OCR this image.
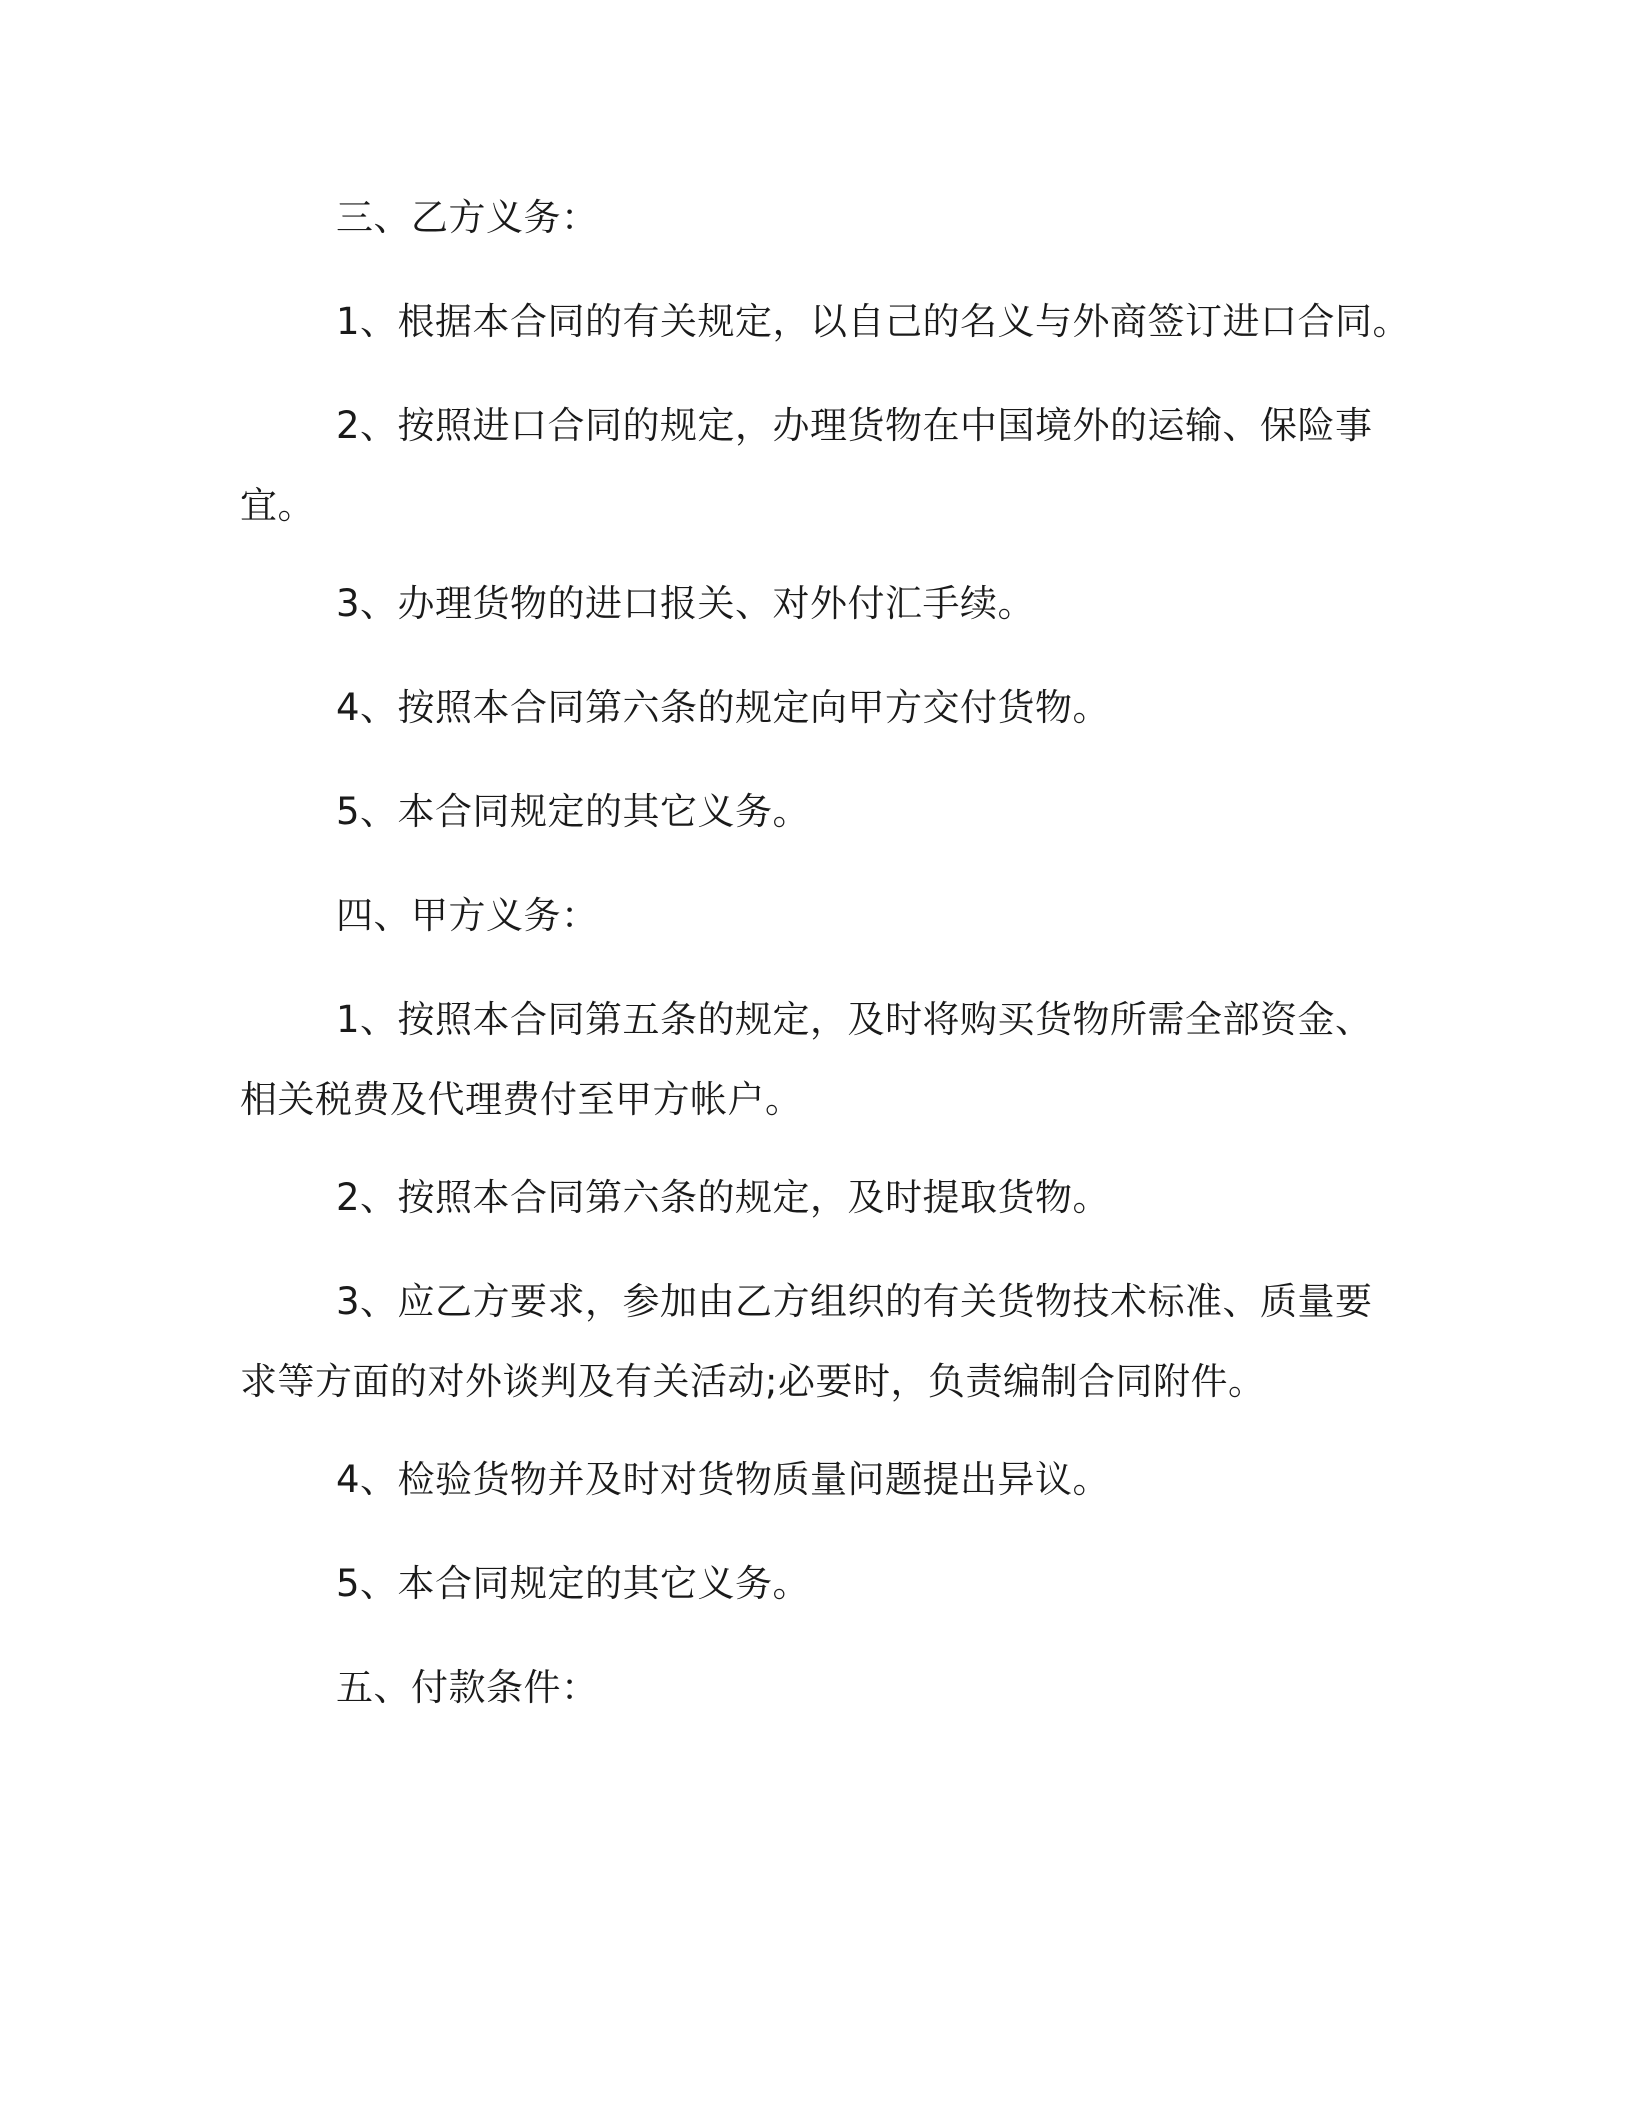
三、乙方义务：

1、根据本合同的有关规定，以自己的名义与外商签订进口合同。

2、按照进口合同的规定，办理货物在中国境外的运输、保险事
宜。

3、办理货物的进口报关、对外付汇手续。

4、按照本合同第六条的规定向甲方交付货物。

5、本合同规定的其它义务。

四、甲方义务：

1、按照本合同第五条的规定，及时将购买货物所需全部资金、
相关税费及代理费付至甲方帐户。

2、按照本合同第六条的规定，及时提取货物。

3、应乙方要求，参加由乙方组织的有关货物技术标准、质量要
求等方面的对外谈判及有关活动;必要时，负责编制合同附件。

4、检验货物并及时对货物质量问题提出异议。

5、本合同规定的其它义务。

五、付款条件：
